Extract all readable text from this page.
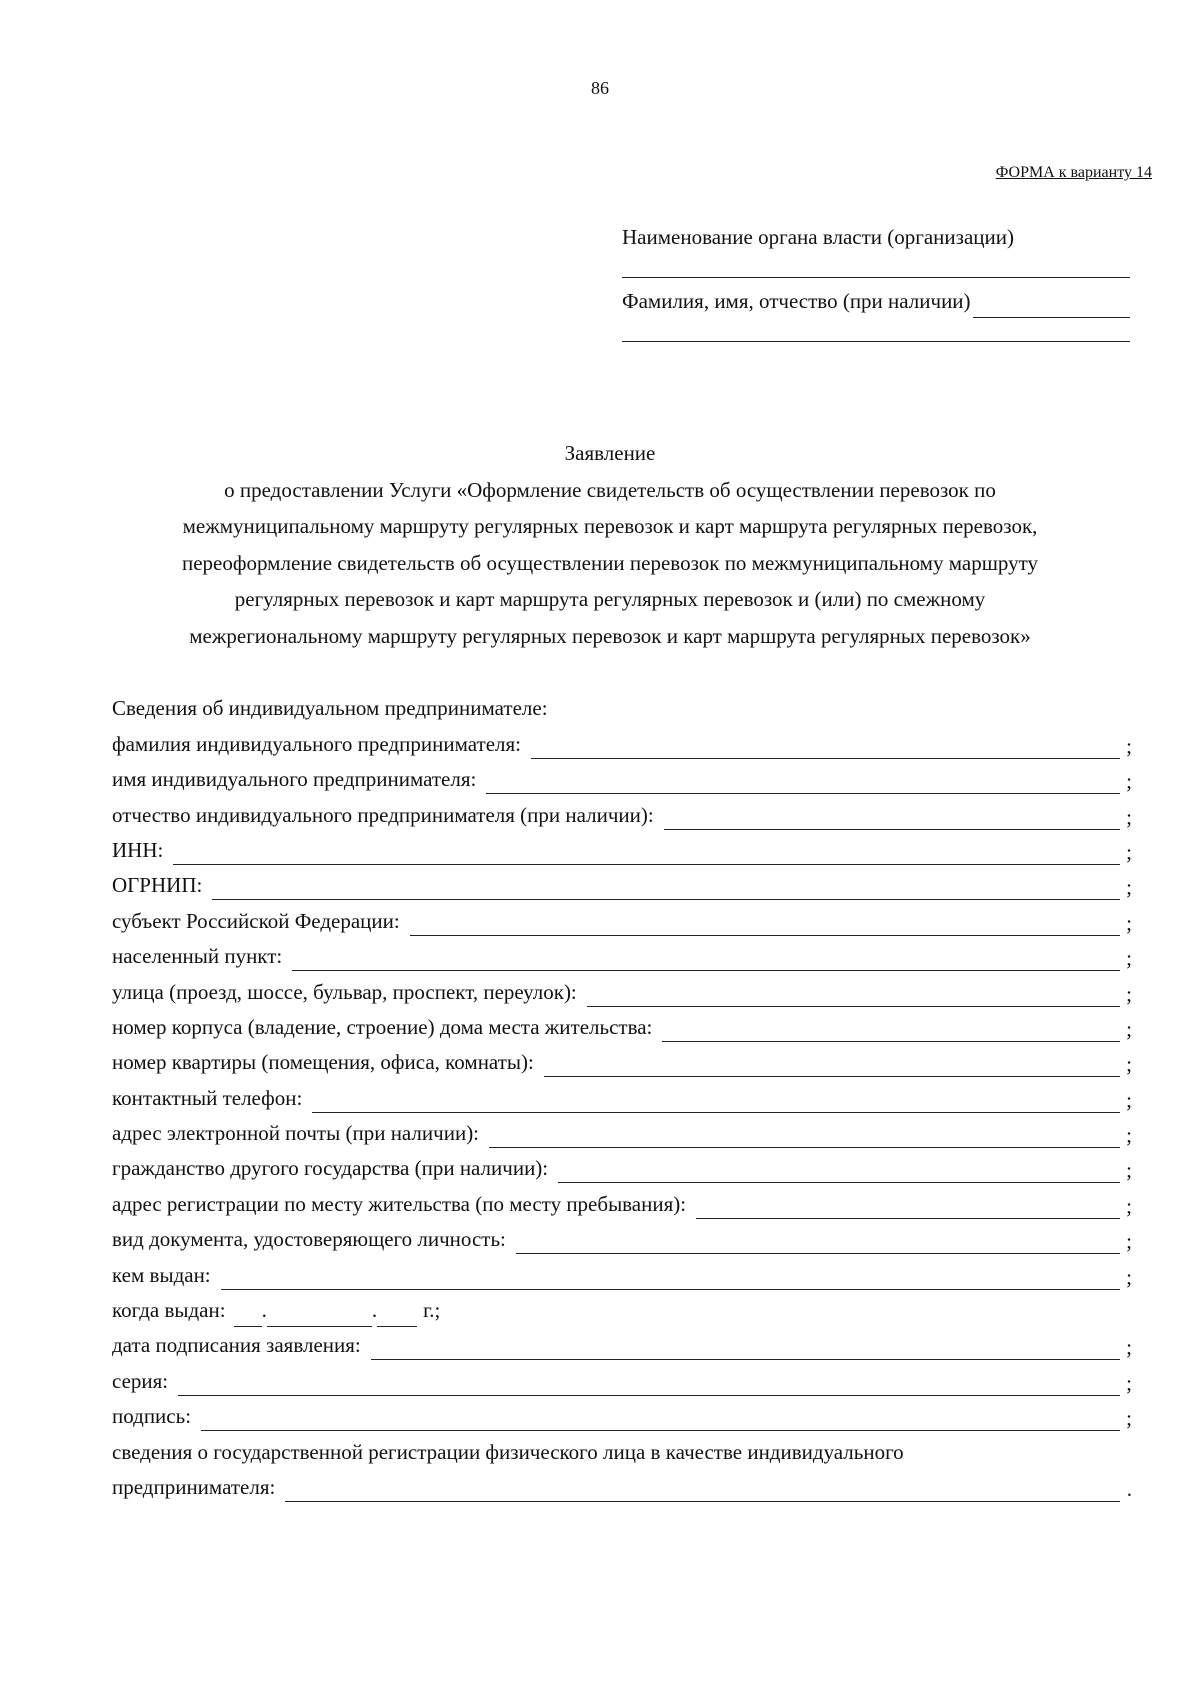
86
ФОРМА к варианту 14
Наименование органа власти (организации)
Фамилия, имя, отчество (при наличии)
Заявление
о предоставлении Услуги «Оформление свидетельств об осуществлении перевозок по
межмуниципальному маршруту регулярных перевозок и карт маршрута регулярных перевозок,
переоформление свидетельств об осуществлении перевозок по межмуниципальному маршруту
регулярных перевозок и карт маршрута регулярных перевозок и (или) по смежному
межрегиональному маршруту регулярных перевозок и карт маршрута регулярных перевозок»
Сведения об индивидуальном предпринимателе:
фамилия индивидуального предпринимателя:	;
имя индивидуального предпринимателя:	;
отчество индивидуального предпринимателя (при наличии):	;
ИНН:	;
ОГРНИП:	;
субъект Российской Федерации:	;
населенный пункт:	;
улица (проезд, шоссе, бульвар, проспект, переулок):	;
номер корпуса (владение, строение) дома места жительства:	;
номер квартиры (помещения, офиса, комнаты):	;
контактный телефон:	;
адрес электронной почты (при наличии):	;
гражданство другого государства (при наличии):	;
адрес регистрации по месту жительства (по месту пребывания):	;
вид документа, удостоверяющего личность:	;
кем выдан:	;
когда выдан: .	. г.;
дата подписания заявления:	;
серия:	;
подпись:	;
сведения о государственной регистрации физического лица в качестве индивидуального
предпринимателя:	.
